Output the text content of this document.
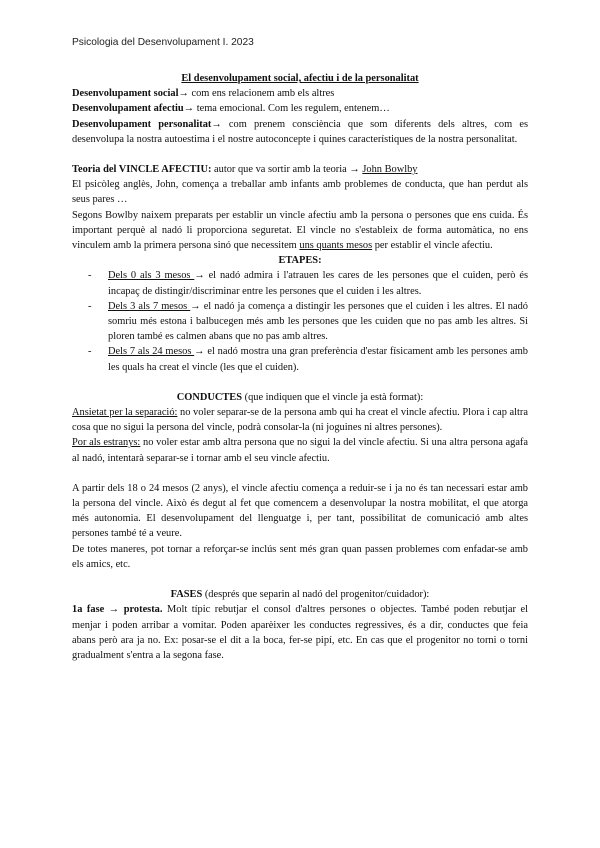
Psicologia del Desenvolupament I. 2023

El desenvolupament social, afectiu i de la personalitat

Desenvolupament social→ com ens relacionem amb els altres

Desenvolupament afectiu→ tema emocional. Com les regulem, entenem…

Desenvolupament personalitat→ com prenem consciència que som diferents dels altres, com es desenvolupa la nostra autoestima i el nostre autoconcepte i quines característiques de la nostra personalitat.

Teoria del VINCLE AFECTIU: autor que va sortir amb la teoria → John Bowlby

El psicòleg anglès, John, comença a treballar amb infants amb problemes de conducta, que han perdut als seus pares …

Segons Bowlby naixem preparats per establir un vincle afectiu amb la persona o persones que ens cuida. És important perquè al nadó li proporciona seguretat. El vincle no s'estableix de forma automàtica, no ens vinculem amb la primera persona sinó que necessitem uns quants mesos per establir el vincle afectiu.

ETAPES:

- Dels 0 als 3 mesos → el nadó admira i l'atrauen les cares de les persones que el cuiden, però és incapaç de distingir/discriminar entre les persones que el cuiden i les altres.
- Dels 3 als 7 mesos → el nadó ja comença a distingir les persones que el cuiden i les altres. El nadó somriu més estona i balbucegen més amb les persones que les cuiden que no pas amb les altres. Si ploren també es calmen abans que no pas amb altres.
- Dels 7 als 24 mesos → el nadó mostra una gran preferència d'estar físicament amb les persones amb les quals ha creat el vincle (les que el cuiden).

CONDUCTES (que indiquen que el vincle ja està format):

Ansietat per la separació: no voler separar-se de la persona amb qui ha creat el vincle afectiu. Plora i cap altra cosa que no sigui la persona del vincle, podrà consolar-la (ni joguines ni altres persones).

Por als estranys: no voler estar amb altra persona que no sigui la del vincle afectiu. Si una altra persona agafa al nadó, intentarà separar-se i tornar amb el seu vincle afectiu.

A partir dels 18 o 24 mesos (2 anys), el vincle afectiu comença a reduir-se i ja no és tan necessari estar amb la persona del vincle. Això és degut al fet que comencem a desenvolupar la nostra mobilitat, el que atorga més autonomia. El desenvolupament del llenguatge i, per tant, possibilitat de comunicació amb altes persones també té a veure.

De totes maneres, pot tornar a reforçar-se inclús sent més gran quan passen problemes com enfadar-se amb els amics, etc.

FASES (després que separin al nadó del progenitor/cuidador):

1a fase → protesta. Molt típic rebutjar el consol d'altres persones o objectes. També poden rebutjar el menjar i poden arribar a vomitar. Poden aparèixer les conductes regressives, és a dir, conductes que feia abans però ara ja no. Ex: posar-se el dit a la boca, fer-se pipí, etc. En cas que el progenitor no torni o torni gradualment s'entra a la segona fase.
